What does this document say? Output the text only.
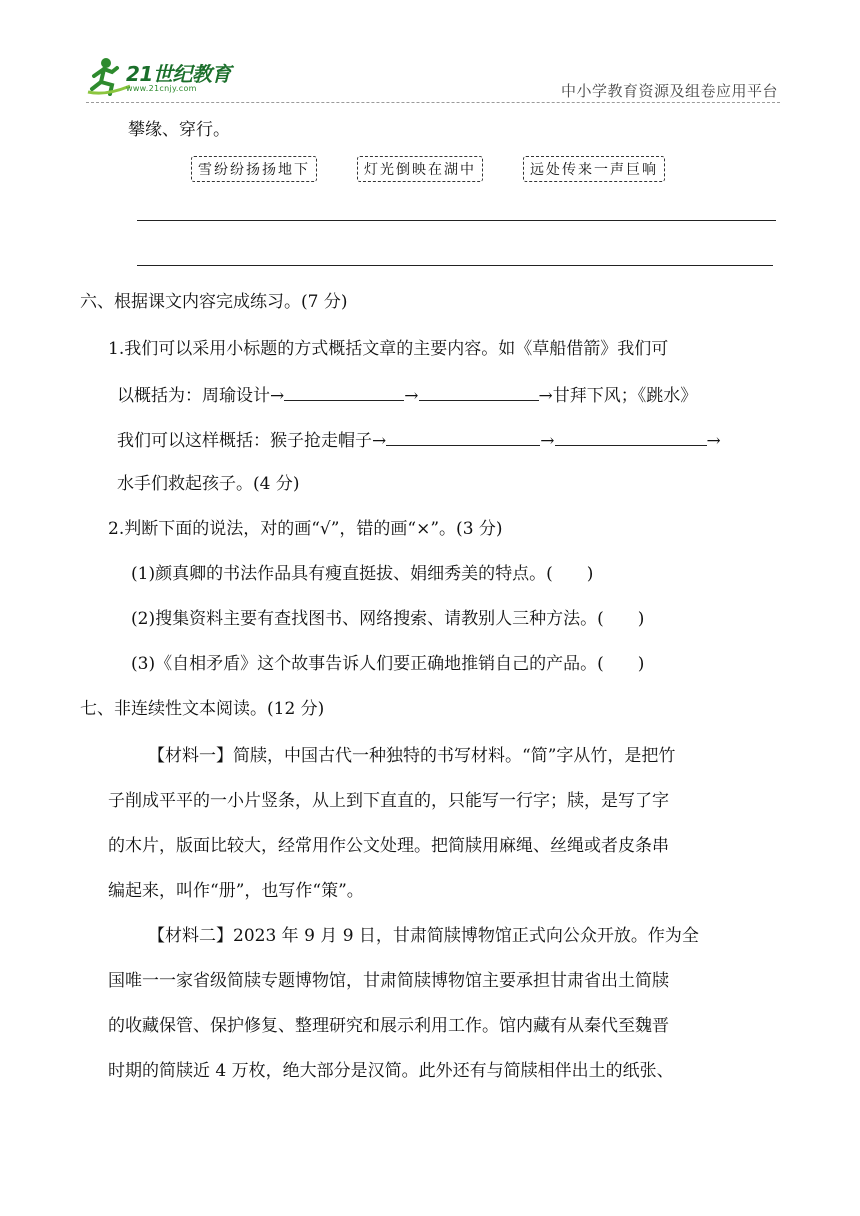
21世纪教育
www.21cnjy.com	中小学教育资源及组卷应用平台
攀缘、穿行。
雪纷纷扬扬地下	灯光倒映在湖中	远处传来一声巨响
六、根据课文内容完成练习。(7 分)
1.我们可以采用小标题的方式概括文章的主要内容。如《草船借箭》我们可
以概括为：周瑜设计→	→	→甘拜下风；《跳水》
我们可以这样概括：猴子抢走帽子→	→	→
水手们救起孩子。(4 分)
2.判断下面的说法，对的画“√”，错的画“×”。(3 分)
(1)颜真卿的书法作品具有瘦直挺拔、娟细秀美的特点。(　　)
(2)搜集资料主要有查找图书、网络搜索、请教别人三种方法。(　　)
(3)《自相矛盾》这个故事告诉人们要正确地推销自己的产品。(　　)
七、非连续性文本阅读。(12 分)
【材料一】简牍，中国古代一种独特的书写材料。“简”字从竹，是把竹
子削成平平的一小片竖条，从上到下直直的，只能写一行字；牍，是写了字
的木片，版面比较大，经常用作公文处理。把简牍用麻绳、丝绳或者皮条串
编起来，叫作“册”，也写作“策”。
【材料二】2023 年 9 月 9 日，甘肃简牍博物馆正式向公众开放。作为全
国唯一一家省级简牍专题博物馆，甘肃简牍博物馆主要承担甘肃省出土简牍
的收藏保管、保护修复、整理研究和展示利用工作。馆内藏有从秦代至魏晋
时期的简牍近 4 万枚，绝大部分是汉简。此外还有与简牍相伴出土的纸张、
